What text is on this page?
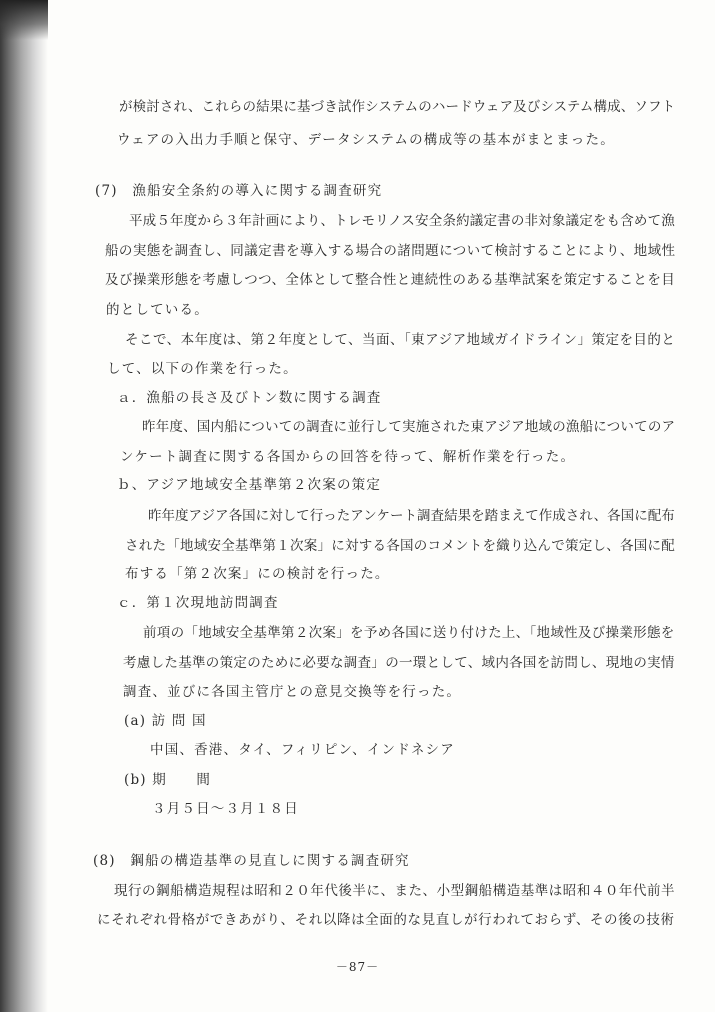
が検討され、これらの結果に基づき試作システムのハードウェア及びシステム構成、ソフト
ウェアの入出力手順と保守、データシステムの構成等の基本がまとまった。
(7)　漁船安全条約の導入に関する調査研究
平成５年度から３年計画により、トレモリノス安全条約議定書の非対象議定をも含めて漁
船の実態を調査し、同議定書を導入する場合の諸問題について検討することにより、地域性
及び操業形態を考慮しつつ、全体として整合性と連続性のある基準試案を策定することを目
的としている。
そこで、本年度は、第２年度として、当面、「東アジア地域ガイドライン」策定を目的と
して、以下の作業を行った。
ａ．漁船の長さ及びトン数に関する調査
昨年度、国内船についての調査に並行して実施された東アジア地域の漁船についてのア
ンケート調査に関する各国からの回答を待って、解析作業を行った。
ｂ、アジア地域安全基準第２次案の策定
昨年度アジア各国に対して行ったアンケート調査結果を踏まえて作成され、各国に配布
された「地域安全基準第１次案」に対する各国のコメントを織り込んで策定し、各国に配
布する「第２次案」にの検討を行った。
ｃ．第１次現地訪問調査
前項の「地域安全基準第２次案」を予め各国に送り付けた上、「地域性及び操業形態を
考慮した基準の策定のために必要な調査」の一環として、域内各国を訪問し、現地の実情
調査、並びに各国主管庁との意見交換等を行った。
(a) 訪 問 国
中国、香港、タイ、フィリピン、インドネシア
(b) 期　　間
３月５日～３月１８日
(8)　鋼船の構造基準の見直しに関する調査研究
現行の鋼船構造規程は昭和２０年代後半に、また、小型鋼船構造基準は昭和４０年代前半
にそれぞれ骨格ができあがり、それ以降は全面的な見直しが行われておらず、その後の技術
－87－
